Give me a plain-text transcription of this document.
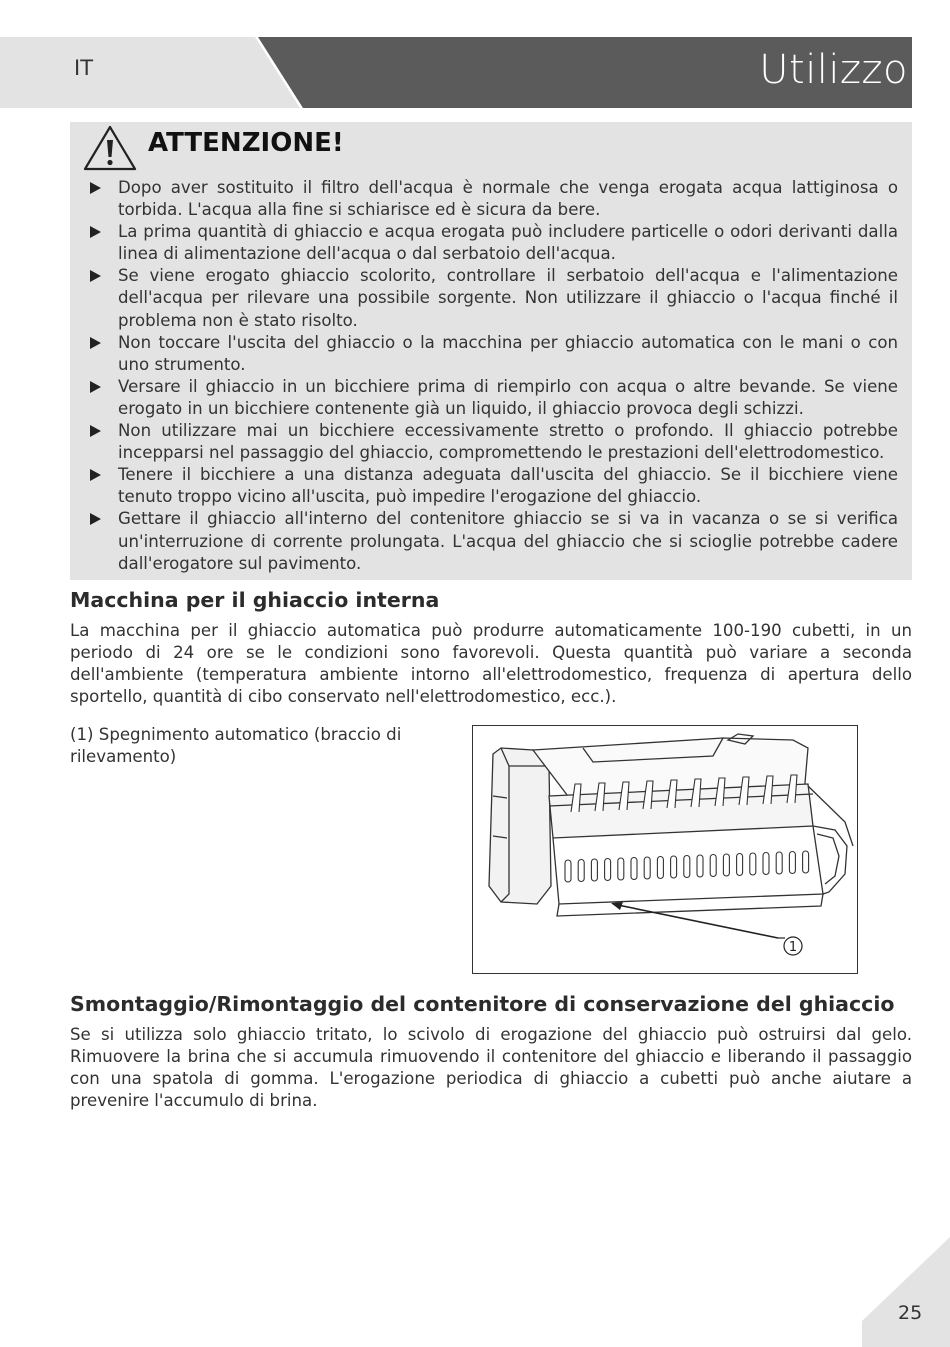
IT	Utilizzo
ATTENZIONE!
Dopo aver sostituito il filtro dell'acqua è normale che venga erogata acqua lattiginosa o torbida. L'acqua alla fine si schiarisce ed è sicura da bere.
La prima quantità di ghiaccio e acqua erogata può includere particelle o odori derivanti dalla linea di alimentazione dell'acqua o dal serbatoio dell'acqua.
Se viene erogato ghiaccio scolorito, controllare il serbatoio dell'acqua e l'alimentazione dell'acqua per rilevare una possibile sorgente. Non utilizzare il ghiaccio o l'acqua finché il problema non è stato risolto.
Non toccare l'uscita del ghiaccio o la macchina per ghiaccio automatica con le mani o con uno strumento.
Versare il ghiaccio in un bicchiere prima di riempirlo con acqua o altre bevande. Se viene erogato in un bicchiere contenente già un liquido, il ghiaccio provoca degli schizzi.
Non utilizzare mai un bicchiere eccessivamente stretto o profondo. Il ghiaccio potrebbe incepparsi nel passaggio del ghiaccio, compromettendo le prestazioni dell'elettrodomestico.
Tenere il bicchiere a una distanza adeguata dall'uscita del ghiaccio. Se il bicchiere viene tenuto troppo vicino all'uscita, può impedire l'erogazione del ghiaccio.
Gettare il ghiaccio all'interno del contenitore ghiaccio se si va in vacanza o se si verifica un'interruzione di corrente prolungata. L'acqua del ghiaccio che si scioglie potrebbe cadere dall'erogatore sul pavimento.
Macchina per il ghiaccio interna

La macchina per il ghiaccio automatica può produrre automaticamente 100-190 cubetti, in un periodo di 24 ore se le condizioni sono favorevoli. Questa quantità può variare a seconda dell'ambiente (temperatura ambiente intorno all'elettrodomestico, frequenza di apertura dello sportello, quantità di cibo conservato nell'elettrodomestico, ecc.).

(1) Spegnimento automatico (braccio di rilevamento)

1
Smontaggio/Rimontaggio del contenitore di conservazione del ghiaccio

Se si utilizza solo ghiaccio tritato, lo scivolo di erogazione del ghiaccio può ostruirsi dal gelo. Rimuovere la brina che si accumula rimuovendo il contenitore del ghiaccio e liberando il passaggio con una spatola di gomma. L'erogazione periodica di ghiaccio a cubetti può anche aiutare a prevenire l'accumulo di brina.

25
